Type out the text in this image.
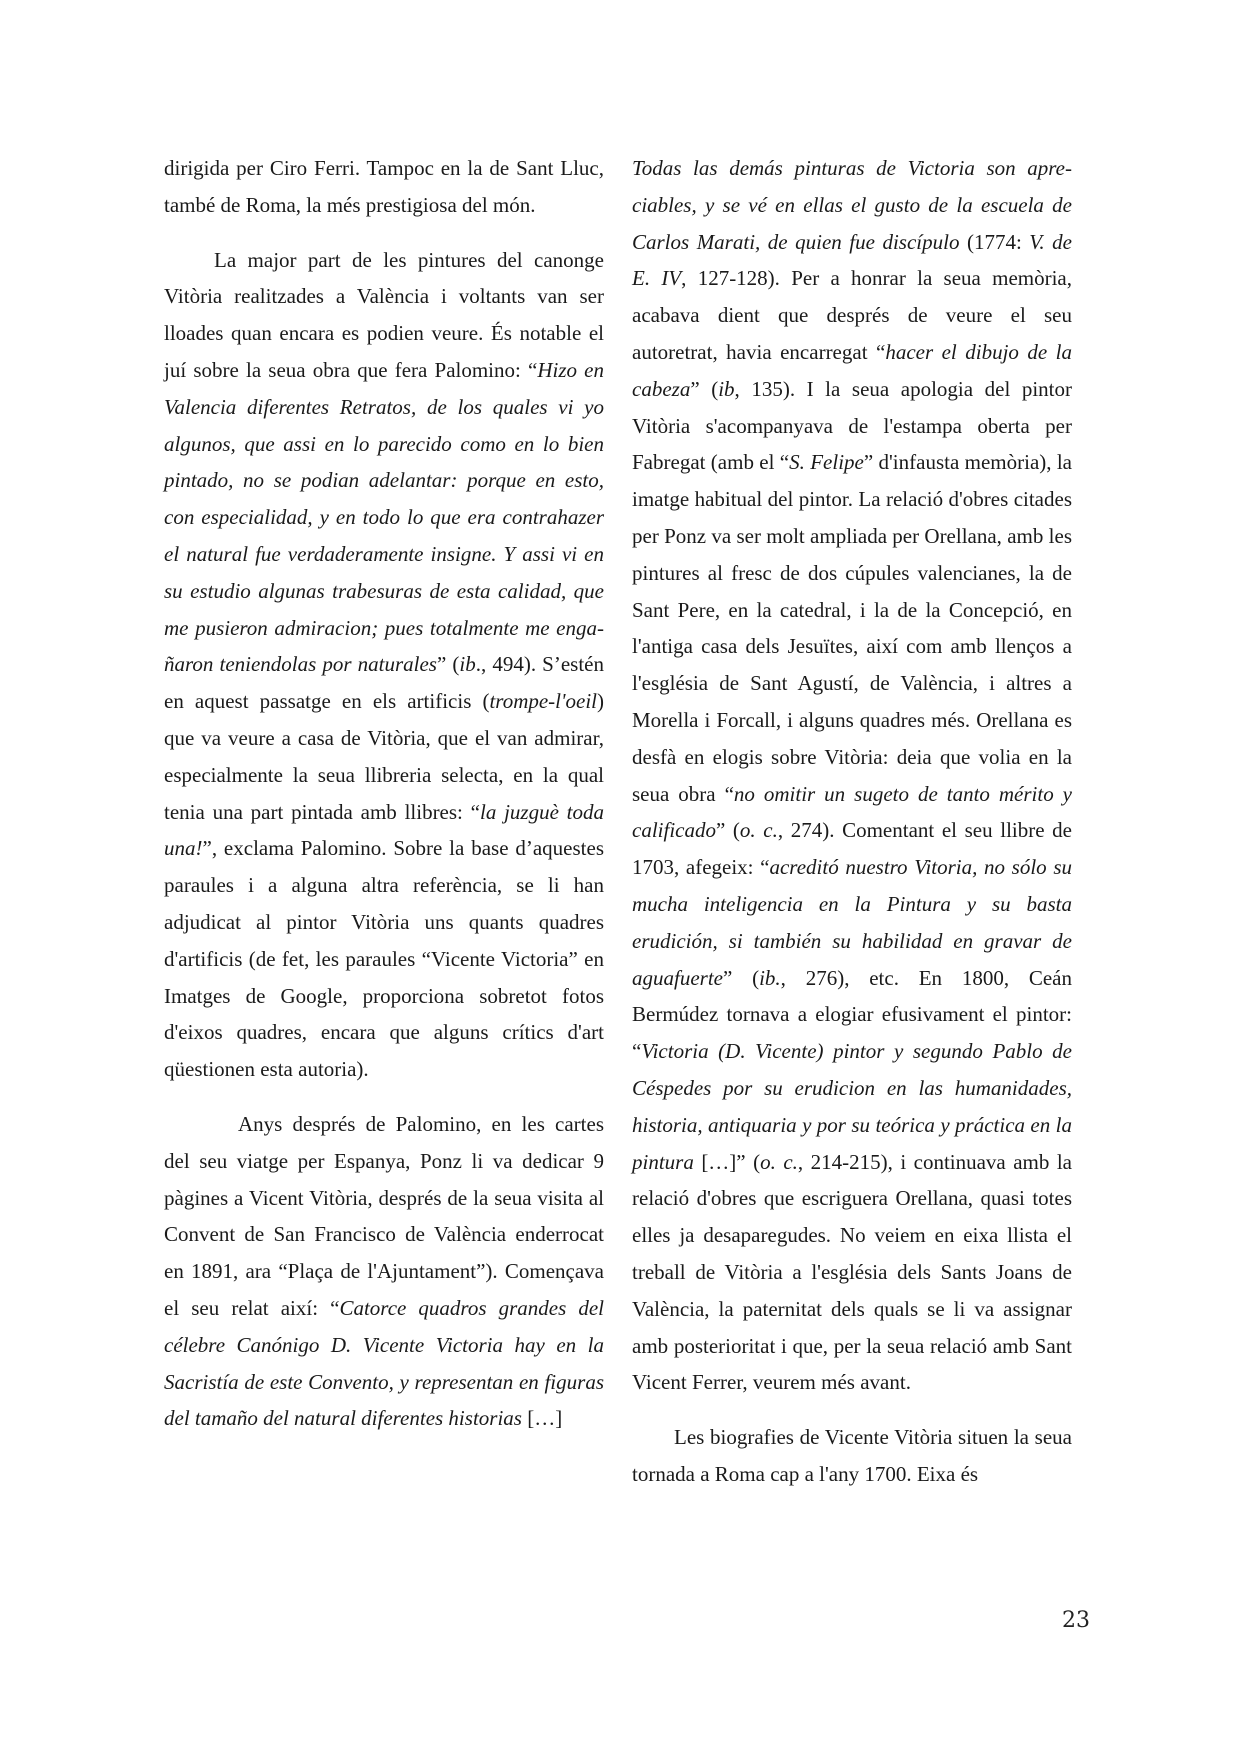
dirigida per Ciro Ferri. Tampoc en la de Sant Lluc, també de Roma, la més prestigiosa del món.

La major part de les pintures del canonge Vitòria realitzades a València i voltants van ser lloades quan encara es podien veure. És notable el juí sobre la seua obra que fera Palomino: “Hizo en Valencia diferentes Retratos, de los quales vi yo algunos, que assi en lo parecido como en lo bien pintado, no se podian adelantar: porque en esto, con especialidad, y en todo lo que era contrahazer el natural fue verdaderamente insigne. Y assi vi en su estudio algunas trabesuras de esta calidad, que me pusieron admiracion; pues totalmente me engañaron teniendolas por naturales” (ib., 494). S’estén en aquest passatge en els artificis (trompe-l'oeil) que va veure a casa de Vitòria, que el van admirar, especialmente la seua llibreria selecta, en la qual tenia una part pintada amb llibres: “la juzguè toda una!”, exclama Palomino. Sobre la base d’aquestes paraules i a alguna altra referència, se li han adjudicat al pintor Vitòria uns quants quadres d'artificis (de fet, les paraules “Vicente Victoria” en Imatges de Google, proporciona sobretot fotos d'eixos quadres, encara que alguns crítics d'art qüestionen esta autoria).

Anys després de Palomino, en les cartes del seu viatge per Espanya, Ponz li va dedicar 9 pàgines a Vicent Vitòria, després de la seua visita al Convent de San Francisco de València enderrocat en 1891, ara “Plaça de l'Ajuntament”). Començava el seu relat així: “Catorce quadros grandes del célebre Canónigo D. Vicente Victoria hay en la Sacristía de este Convento, y representan en figuras del tamaño del natural diferentes historias […]

Todas las demás pinturas de Victoria son apreciables, y se vé en ellas el gusto de la escuela de Carlos Marati, de quien fue discípulo (1774: V. de E. IV, 127-128). Per a honrar la seua memòria, acabava dient que després de veure el seu autoretrat, havia encarregat “hacer el dibujo de la cabeza” (ib, 135). I la seua apologia del pintor Vitòria s'acompanyava de l'estampa oberta per Fabregat (amb el “S. Felipe” d'infausta memòria), la imatge habitual del pintor. La relació d'obres citades per Ponz va ser molt ampliada per Orellana, amb les pintures al fresc de dos cúpules valencianes, la de Sant Pere, en la catedral, i la de la Concepció, en l'antiga casa dels Jesuïtes, així com amb llenços a l'església de Sant Agustí, de València, i altres a Morella i Forcall, i alguns quadres més. Orellana es desfà en elogis sobre Vitòria: deia que volia en la seua obra “no omitir un sugeto de tanto mérito y calificado” (o. c., 274). Comentant el seu llibre de 1703, afegeix: “acreditó nuestro Vitoria, no sólo su mucha inteligencia en la Pintura y su basta erudición, si también su habilidad en gravar de aguafuerte” (ib., 276), etc. En 1800, Ceán Bermúdez tornava a elogiar efusivament el pintor: “Victoria (D. Vicente) pintor y segundo Pablo de Céspedes por su erudicion en las humanidades, historia, antiquaria y por su teórica y práctica en la pintura […]” (o. c., 214-215), i continuava amb la relació d'obres que escriguera Orellana, quasi totes elles ja desaparegudes. No veiem en eixa llista el treball de Vitòria a l'església dels Sants Joans de València, la paternitat dels quals se li va assignar amb posterioritat i que, per la seua relació amb Sant Vicent Ferrer, veurem més avant.

Les biografies de Vicente Vitòria situen la seua tornada a Roma cap a l'any 1700. Eixa és

23
